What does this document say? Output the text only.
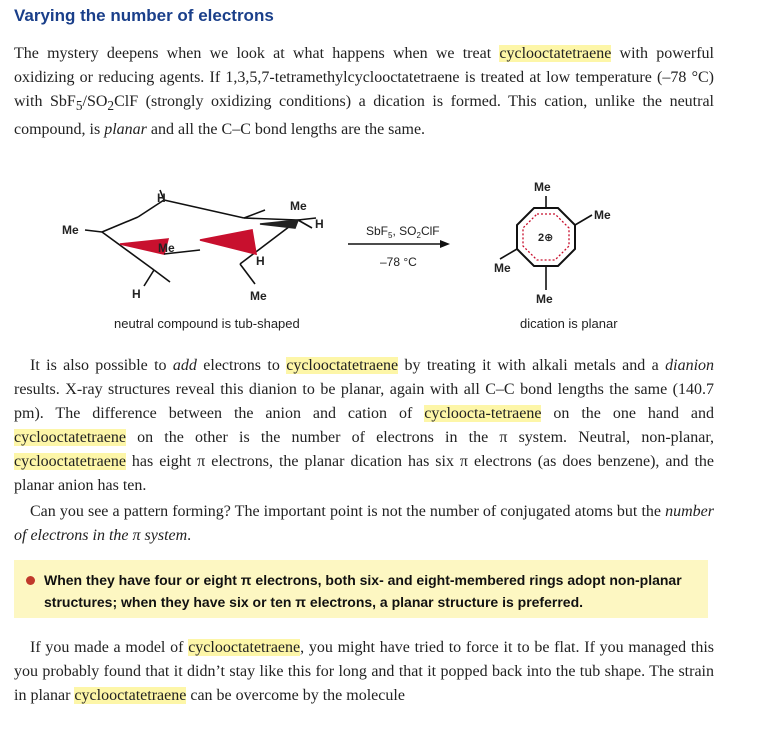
Varying the number of electrons
The mystery deepens when we look at what happens when we treat cyclooctatetraene with powerful oxidizing or reducing agents. If 1,3,5,7-tetramethylcyclooctatetraene is treated at low temperature (–78 °C) with $SbF_5/SO_2ClF$ (strongly oxidizing conditions) a dication is formed. This cation, unlike the neutral compound, is planar and all the C–C bond lengths are the same.
Me
H
Me
H
Me
H
H	Me
SbF$_5$, $SO_2ClF$
–78 °C
Me
Me
Me
Me
2⊕
neutral compound is tub-shaped	dication is planar
It is also possible to add electrons to cyclooctatetraene by treating it with alkali metals and a dianion results. X-ray structures reveal this dianion to be planar, again with all C–C bond lengths the same (140.7 pm). The difference between the anion and cation of cycloocta-tetraene on the one hand and cyclooctatetraene on the other is the number of electrons in the π system. Neutral, non-planar, cyclooctatetraene has eight π electrons, the planar dication has six π electrons (as does benzene), and the planar anion has ten.
Can you see a pattern forming? The important point is not the number of conjugated atoms but the number of electrons in the π system.
When they have four or eight π electrons, both six- and eight-membered rings adopt non-planar structures; when they have six or ten π electrons, a planar structure is preferred.
If you made a model of cyclooctatetraene, you might have tried to force it to be flat. If you managed this you probably found that it didn’t stay like this for long and that it popped back into the tub shape. The strain in planar cyclooctatetraene can be overcome by the molecule
